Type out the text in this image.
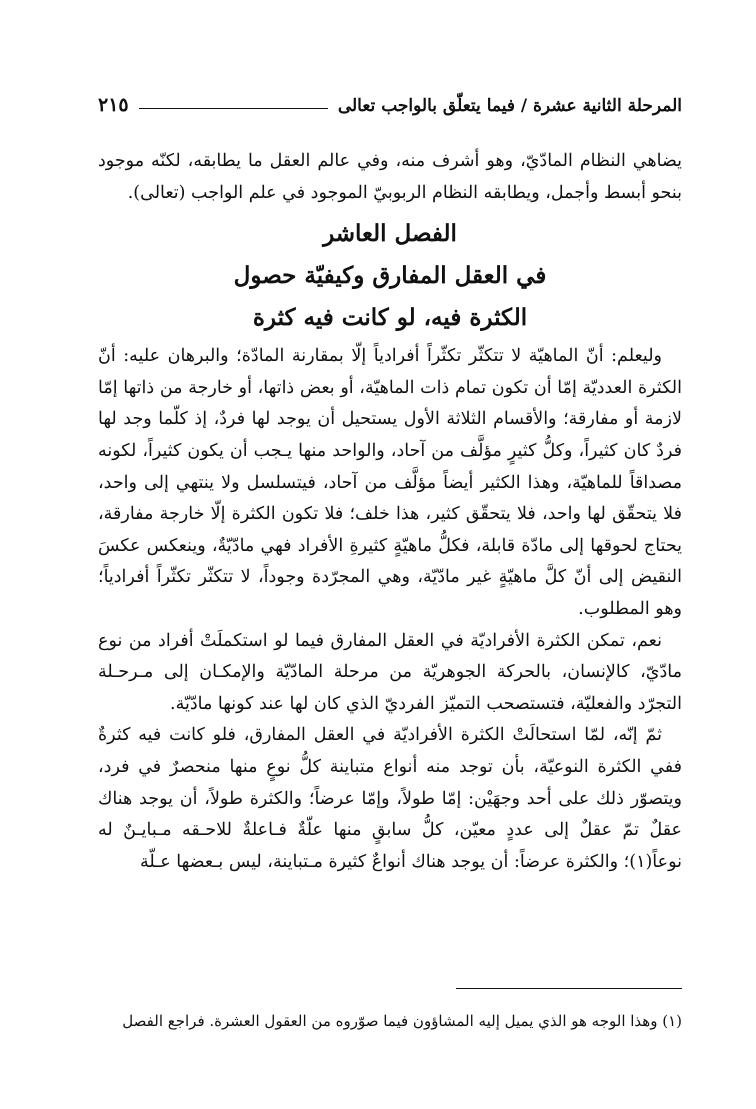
المرحلة الثانية عشرة / فيما يتعلّق بالواجب تعالى
٢١٥

يضاهي النظام المادّيّ، وهو أشرف منه، وفي عالم العقل ما يطابقه، لكنّه موجود بنحو أبسط وأجمل، ويطابقه النظام الربوبيّ الموجود في علم الواجب (تعالى).

الفصل العاشر
في العقل المفارق وكيفيّة حصول
الكثرة فيه، لو كانت فيه كثرة

وليعلم: أنّ الماهيّة لا تتكثّر تكثّراً أفرادياً إلّا بمقارنة المادّة؛ والبرهان عليه: أنّ الكثرة العدديّة إمّا أن تكون تمام ذات الماهيّة، أو بعض ذاتها، أو خارجة من ذاتها إمّا لازمة أو مفارقة؛ والأقسام الثلاثة الأول يستحيل أن يوجد لها فردٌ، إذ كلّما وجد لها فردٌ كان كثيراً، وكلُّ كثيرٍ مؤلَّف من آحاد، والواحد منها يـجب أن يكون كثيراً، لكونه مصداقاً للماهيّة، وهذا الكثير أيضاً مؤلَّف من آحاد، فيتسلسل ولا ينتهي إلى واحد، فلا يتحقّق لها واحد، فلا يتحقّق كثير، هذا خلف؛ فلا تكون الكثرة إلّا خارجة مفارقة، يحتاج لحوقها إلى مادّة قابلة، فكلُّ ماهيّةٍ كثيرةِ الأفراد فهي مادّيّةٌ، وينعكس عكسَ النقيض إلى أنّ كلَّ ماهيّةٍ غير مادّيّة، وهي المجرّدة وجوداً، لا تتكثّر تكثّراً أفرادياً؛ وهو المطلوب.

نعم، تمكن الكثرة الأفراديّة في العقل المفارق فيما لو استكملَتْ أفراد من نوع مادّيّ، كالإنسان، بالحركة الجوهريّة من مرحلة المادّيّة والإمكـان إلى مـرحـلة التجرّد والفعليّة، فتستصحب التميّز الفرديّ الذي كان لها عند كونها مادّيّة.

ثمّ إنّه، لمّا استحالَتْ الكثرة الأفراديّة في العقل المفارق، فلو كانت فيه كثرةٌ ففي الكثرة النوعيّة، بأن توجد منه أنواع متباينة كلُّ نوعٍ منها منحصرٌ في فرد، ويتصوّر ذلك على أحد وجهَيْن: إمّا طولاً، وإمّا عرضاً؛ والكثرة طولاً، أن يوجد هناك عقلٌ تمّ عقلٌ إلى عددٍ معيّن، كلُّ سابقٍ منها علّةٌ فـاعلةٌ للاحـقه مـبايـنٌ له نوعاً(١)؛ والكثرة عرضاً: أن يوجد هناك أنواعٌ كثيرة مـتباينة، ليس بـعضها عـلّة

(١) وهذا الوجه هو الذي يميل إليه المشاؤون فيما صوّروه من العقول العشرة. فراجع الفصل
